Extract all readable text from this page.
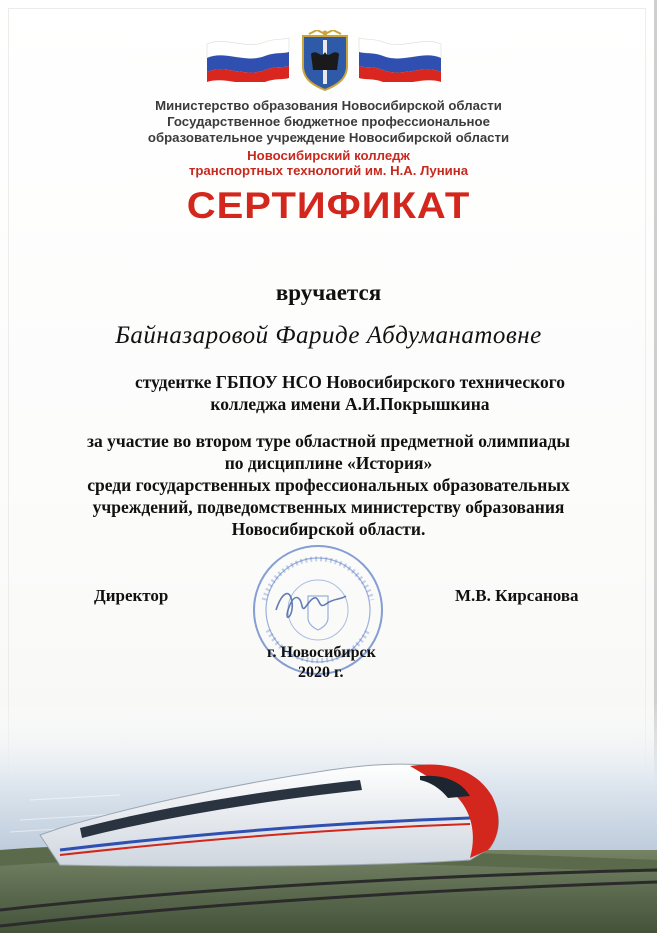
Министерство образования Новосибирской области
Государственное бюджетное профессиональное
образовательное учреждение Новосибирской области
Новосибирский колледж
транспортных технологий им. Н.А. Лунина
СЕРТИФИКАТ
вручается
Байназаровой Фариде Абдуманатовне
студентке ГБПОУ НСО Новосибирского технического
колледжа имени А.И.Покрышкина
за участие во втором туре областной предметной олимпиады
по дисциплине «История»
среди государственных профессиональных образовательных
учреждений, подведомственных министерству образования
Новосибирской области.
Директор	М.В. Кирсанова
г. Новосибирск
2020 г.
